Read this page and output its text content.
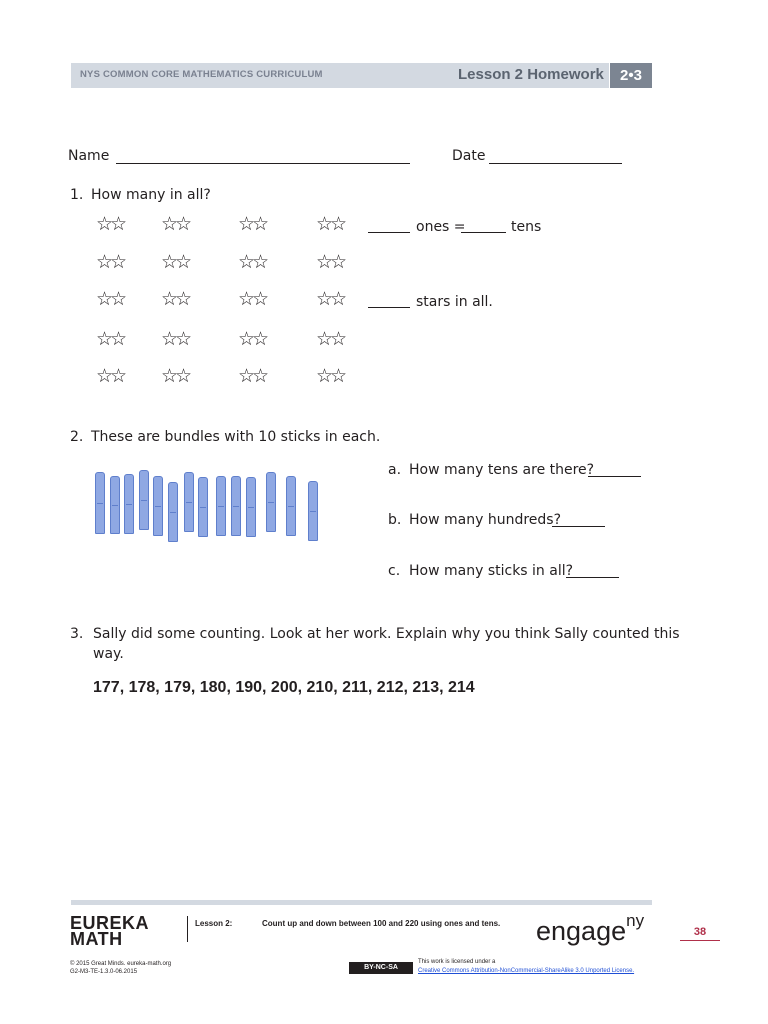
NYS COMMON CORE MATHEMATICS CURRICULUM	Lesson 2 Homework	2•3
Name	Date
1. How many in all?
☆☆ ☆☆	☆☆	☆☆
☆☆ ☆☆	☆☆	☆☆
☆☆ ☆☆	☆☆	☆☆
☆☆ ☆☆	☆☆	☆☆
☆☆ ☆☆	☆☆	☆☆
ones =	tens
stars in all.
2. These are bundles with 10 sticks in each.
a. How many tens are there?
b. How many hundreds?
c. How many sticks in all?
3. Sally did some counting. Look at her work. Explain why you think Sally counted this
way.
177, 178, 179, 180, 190, 200, 210, 211, 212, 213, 214
EUREKA
MATH
Lesson 2:	Count up and down between 100 and 220 using ones and tens. engage$^{ny}$
38
© 2015 Great Minds. eureka-math.org
G2-M3-TE-1.3.0-06.2015
BY-NC-SA
This work is licensed under a
Creative Commons Attribution-NonCommercial-ShareAlike 3.0 Unported License.
